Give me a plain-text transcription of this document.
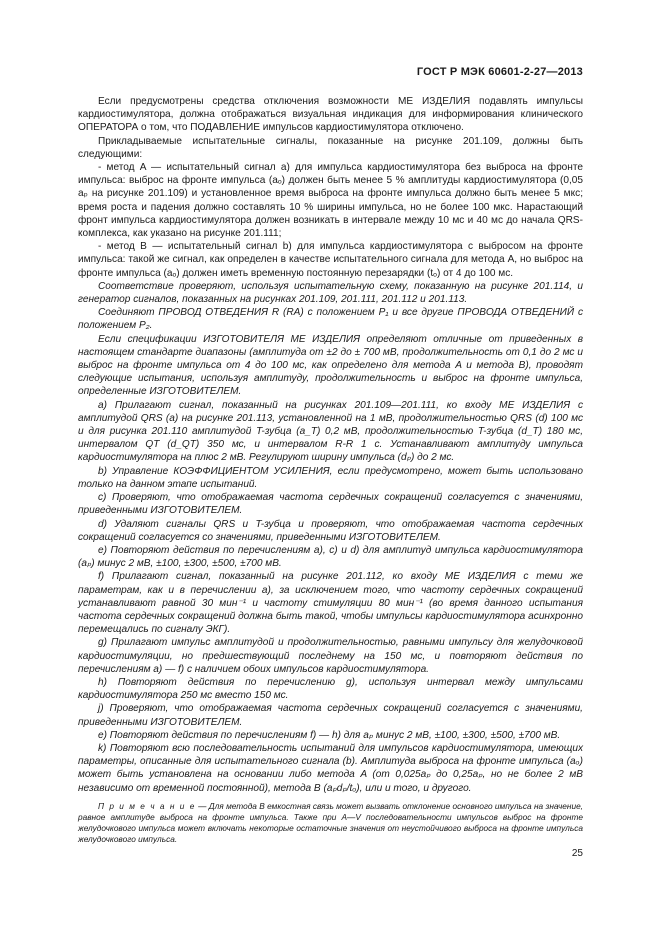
ГОСТ Р МЭК 60601-2-27—2013

Если предусмотрены средства отключения возможности МЕ ИЗДЕЛИЯ подавлять импульсы кардиостимулятора, должна отображаться визуальная индикация для информирования клинического ОПЕРАТОРА о том, что ПОДАВЛЕНИЕ импульсов кардиостимулятора отключено.

Прикладываемые испытательные сигналы, показанные на рисунке 201.109, должны быть следующими:

- метод A — испытательный сигнал a) для импульса кардиостимулятора без выброса на фронте импульса: выброс на фронте импульса (aₒ) должен быть менее 5 % амплитуды кардиостимулятора (0,05 aₚ на рисунке 201.109) и установленное время выброса на фронте импульса должно быть менее 5 мкс; время роста и падения должно составлять 10 % ширины импульса, но не более 100 мкс. Нарастающий фронт импульса кардиостимулятора должен возникать в интервале между 10 мс и 40 мс до начала QRS-комплекса, как указано на рисунке 201.111;

- метод B — испытательный сигнал b) для импульса кардиостимулятора с выбросом на фронте импульса: такой же сигнал, как определен в качестве испытательного сигнала для метода A, но выброс на фронте импульса (aₒ) должен иметь временную постоянную перезарядки (tₒ) от 4 до 100 мс.

Соответствие проверяют, используя испытательную схему, показанную на рисунке 201.114, и генератор сигналов, показанных на рисунках 201.109, 201.111, 201.112 и 201.113.

Соединяют ПРОВОД ОТВЕДЕНИЯ R (RA) с положением P₁ и все другие ПРОВОДА ОТВЕДЕНИЙ с положением P₂.

Если спецификации ИЗГОТОВИТЕЛЯ МЕ ИЗДЕЛИЯ определяют отличные от приведенных в настоящем стандарте диапазоны (амплитуда от ±2 до ± 700 мВ, продолжительность от 0,1 до 2 мс и выброс на фронте импульса от 4 до 100 мс, как определено для метода A и метода B), проводят следующие испытания, используя амплитуду, продолжительность и выброс на фронте импульса, определенные ИЗГОТОВИТЕЛЕМ.

a) Прилагают сигнал, показанный на рисунках 201.109—201.111, ко входу МЕ ИЗДЕЛИЯ с амплитудой QRS (a) на рисунке 201.113, установленной на 1 мВ, продолжительностью QRS (d) 100 мс и для рисунка 201.110 амплитудой T-зубца (a_T) 0,2 мВ, продолжительностью T-зубца (d_T) 180 мс, интервалом QT (d_QT) 350 мс, и интервалом R-R 1 с. Устанавливают амплитуду импульса кардиостимулятора на плюс 2 мВ. Регулируют ширину импульса (dₚ) до 2 мс.

b) Управление КОЭФФИЦИЕНТОМ УСИЛЕНИЯ, если предусмотрено, может быть использовано только на данном этапе испытаний.

c) Проверяют, что отображаемая частота сердечных сокращений согласуется с значениями, приведенными ИЗГОТОВИТЕЛЕМ.

d) Удаляют сигналы QRS и T-зубца и проверяют, что отображаемая частота сердечных сокращений согласуется со значениями, приведенными ИЗГОТОВИТЕЛЕМ.

e) Повторяют действия по перечислениям a), c) и d) для амплитуд импульса кардиостимулятора (aₚ) минус 2 мВ, ±100, ±300, ±500, ±700 мВ.

f) Прилагают сигнал, показанный на рисунке 201.112, ко входу МЕ ИЗДЕЛИЯ с теми же параметрам, как и в перечислении a), за исключением того, что частоту сердечных сокращений устанавливают равной 30 мин⁻¹ и частоту стимуляции 80 мин⁻¹ (во время данного испытания частота сердечных сокращений должна быть такой, чтобы импульсы кардиостимулятора асинхронно перемещались по сигналу ЭКГ).

g) Прилагают импульс амплитудой и продолжительностью, равными импульсу для желудочковой кардиостимуляции, но предшествующий последнему на 150 мс, и повторяют действия по перечислениям a) — f) с наличием обоих импульсов кардиостимулятора.

h) Повторяют действия по перечислению g), используя интервал между импульсами кардиостимулятора 250 мс вместо 150 мс.

j) Проверяют, что отображаемая частота сердечных сокращений согласуется с значениями, приведенными ИЗГОТОВИТЕЛЕМ.

e) Повторяют действия по перечислениям f) — h) для aₚ минус 2 мВ, ±100, ±300, ±500, ±700 мВ.

k) Повторяют всю последовательность испытаний для импульсов кардиостимулятора, имеющих параметры, описанные для испытательного сигнала (b). Амплитуда выброса на фронте импульса (aₒ) может быть установлена на основании либо метода A (от 0,025aₚ до 0,25aₚ, но не более 2 мВ независимо от временной постоянной), метода B (aₚdₚ/tₒ), или и того, и другого.

П р и м е ч а н и е — Для метода B емкостная связь может вызвать отклонение основного импульса на значение, равное амплитуде выброса на фронте импульса. Также при A—V последовательности импульсов выброс на фронте желудочкового импульса может включать некоторые остаточные значения от неустойчивого выброса на фронте импульса желудочкового импульса.

25
